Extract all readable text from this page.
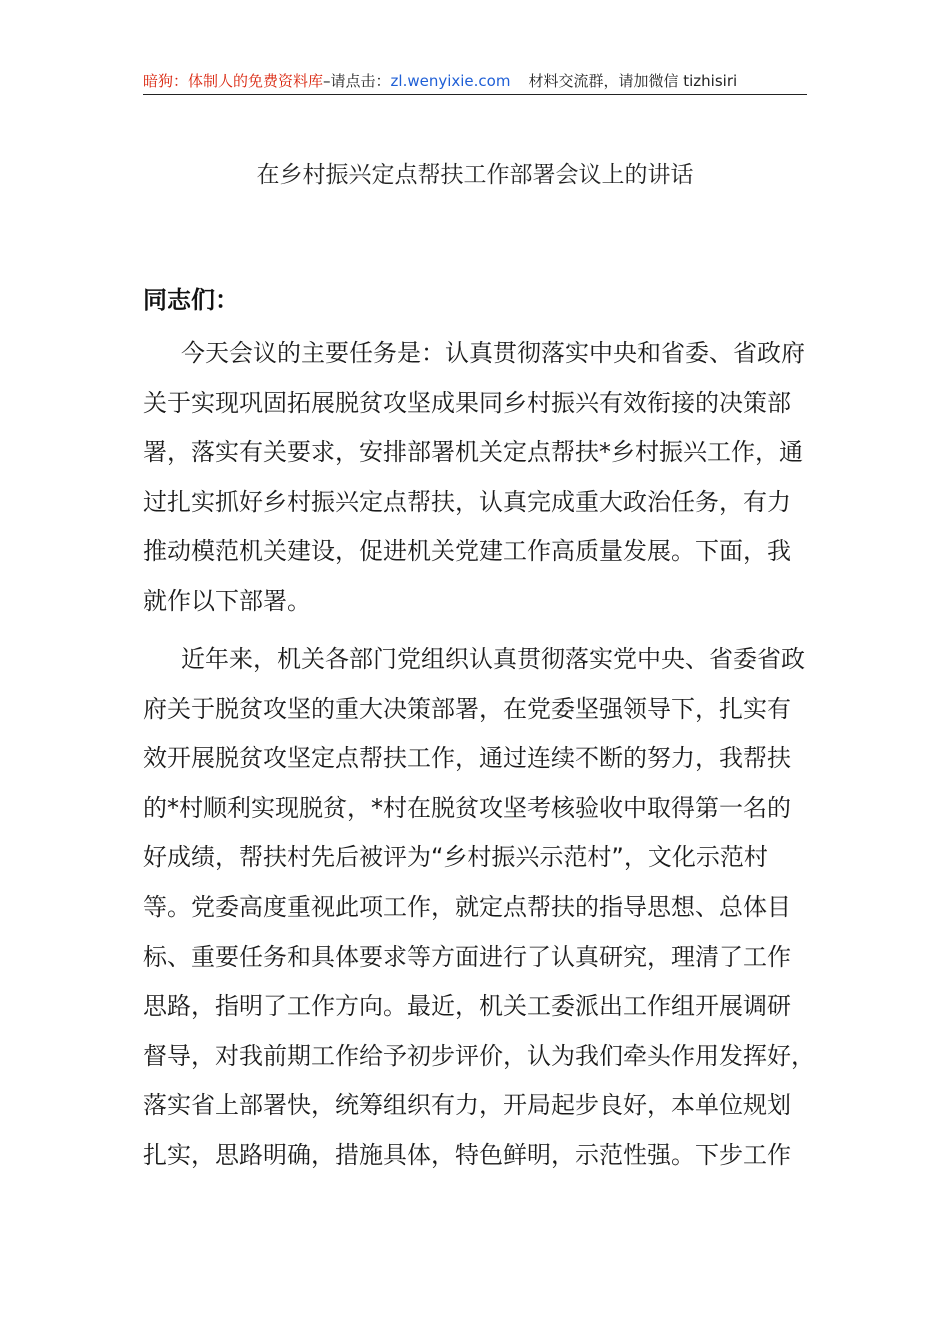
暗狗：体制人的免费资料库–请点击：zl.wenyixie.com 材料交流群，请加微信 tizhisiri
在乡村振兴定点帮扶工作部署会议上的讲话
同志们：

今天会议的主要任务是：认真贯彻落实中央和省委、省政府
关于实现巩固拓展脱贫攻坚成果同乡村振兴有效衔接的决策部
署，落实有关要求，安排部署机关定点帮扶*乡村振兴工作，通
过扎实抓好乡村振兴定点帮扶，认真完成重大政治任务，有力
推动模范机关建设，促进机关党建工作高质量发展。下面，我
就作以下部署。

近年来，机关各部门党组织认真贯彻落实党中央、省委省政
府关于脱贫攻坚的重大决策部署，在党委坚强领导下，扎实有
效开展脱贫攻坚定点帮扶工作，通过连续不断的努力，我帮扶
的*村顺利实现脱贫，*村在脱贫攻坚考核验收中取得第一名的
好成绩，帮扶村先后被评为“乡村振兴示范村”，文化示范村
等。党委高度重视此项工作，就定点帮扶的指导思想、总体目
标、重要任务和具体要求等方面进行了认真研究，理清了工作
思路，指明了工作方向。最近，机关工委派出工作组开展调研
督导，对我前期工作给予初步评价，认为我们牵头作用发挥好，
落实省上部署快，统筹组织有力，开局起步良好，本单位规划
扎实，思路明确，措施具体，特色鲜明，示范性强。下步工作
